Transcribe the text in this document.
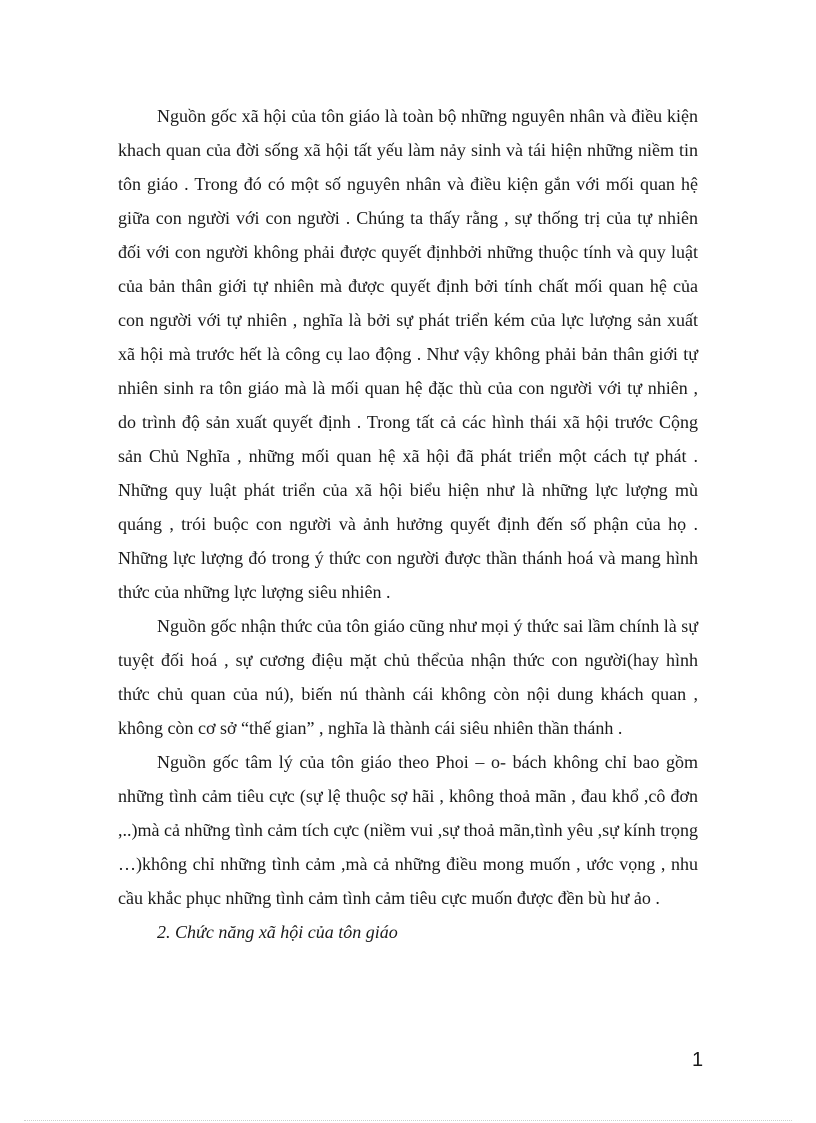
Nguồn gốc xã hội của tôn giáo là toàn bộ những nguyên nhân và điều kiện khach quan của đời sống xã hội tất yếu làm nảy sinh và tái hiện những niềm tin tôn giáo . Trong đó có một số nguyên nhân và điều kiện gắn với mối quan hệ giữa con người với con người . Chúng ta thấy rằng , sự thống trị của tự nhiên đối với con người không phải được quyết địnhbởi những thuộc tính và quy luật của bản thân giới tự nhiên mà được quyết định bởi tính chất mối quan hệ của con người với tự nhiên , nghĩa là bởi sự phát triển kém của lực lượng sản xuất xã hội mà trước hết là công cụ lao động . Như vậy không phải bản thân giới tự nhiên sinh ra tôn giáo mà là mối quan hệ đặc thù của con người với tự nhiên , do trình độ sản xuất quyết định . Trong tất cả các hình thái xã hội trước Cộng sản Chủ Nghĩa , những mối quan hệ xã hội đã phát triển một cách tự phát . Những quy luật phát triển của xã hội biểu hiện như là những lực lượng mù quáng , trói buộc con người và ảnh hưởng quyết định đến số phận của họ . Những lực lượng đó trong ý thức con người được thần thánh hoá và mang hình thức của những lực lượng siêu nhiên .

Nguồn gốc nhận thức của tôn giáo cũng như mọi ý thức sai lầm chính là sự tuyệt đối hoá , sự cương điệu mặt chủ thểcủa nhận thức con người(hay hình thức chủ quan của nú), biến nú thành cái không còn nội dung khách quan , không còn cơ sở “thế gian” , nghĩa là thành cái siêu nhiên thần thánh .

Nguồn gốc tâm lý của tôn giáo theo Phoi – o- bách không chỉ bao gồm những tình cảm tiêu cực (sự lệ thuộc sợ hãi , không thoả mãn , đau khổ ,cô đơn ,..)mà cả những tình cảm tích cực (niềm vui ,sự thoả mãn,tình yêu ,sự kính trọng …)không chỉ những tình cảm ,mà cả những điều mong muốn , ước vọng , nhu cầu khắc phục những tình cảm tình cảm tiêu cực muốn được đền bù hư ảo .

2. Chức năng xã hội của tôn giáo

1
